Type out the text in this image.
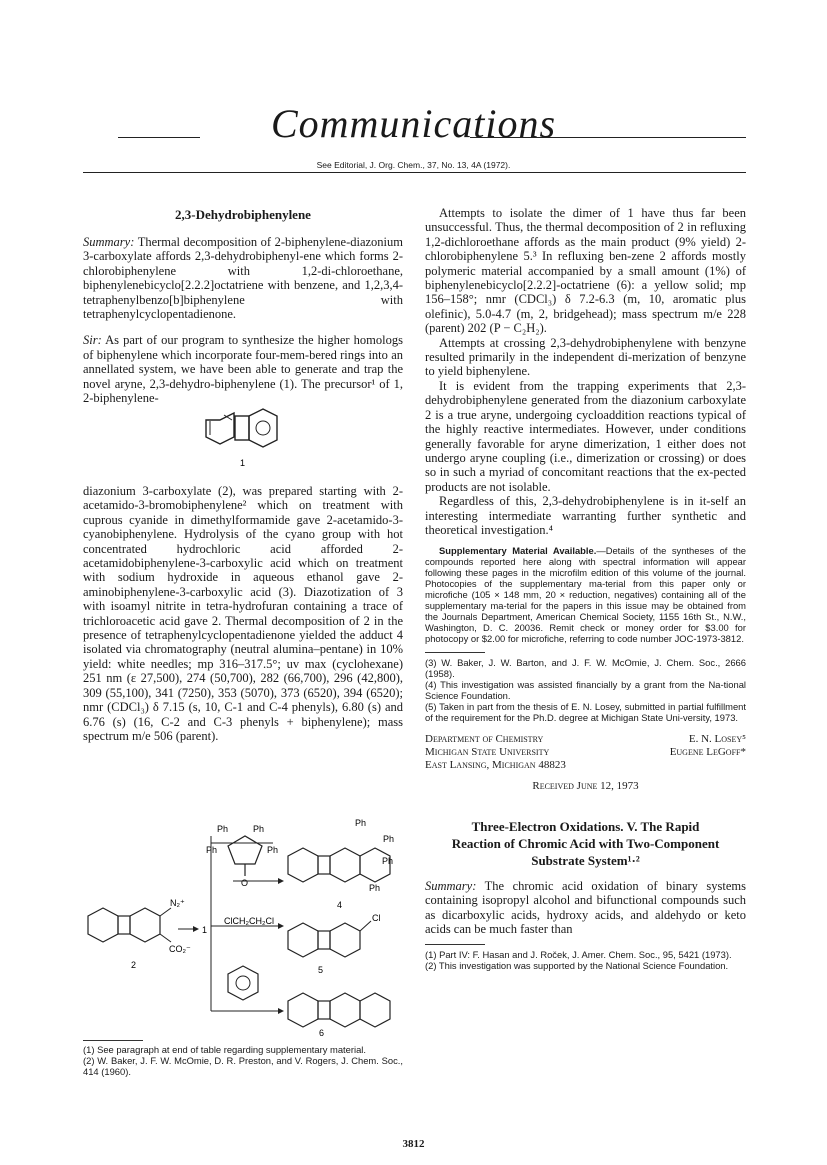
Communications
See Editorial, J. Org. Chem., 37, No. 13, 4A (1972).
2,3-Dehydrobiphenylene

Summary: Thermal decomposition of 2-biphenylene-diazonium 3-carboxylate affords 2,3-dehydrobiphenyl-ene which forms 2-chlorobiphenylene with 1,2-di-chloroethane, biphenylenebicyclo[2.2.2]octatriene with benzene, and 1,2,3,4-tetraphenylbenzo[b]biphenylene with tetraphenylcyclopentadienone.

Sir: As part of our program to synthesize the higher homologs of biphenylene which incorporate four-mem-bered rings into an annellated system, we have been able to generate and trap the novel aryne, 2,3-dehydro-biphenylene (1). The precursor¹ of 1, 2-biphenylene-

1

diazonium 3-carboxylate (2), was prepared starting with 2-acetamido-3-bromobiphenylene² which on treatment with cuprous cyanide in dimethylformamide gave 2-acetamido-3-cyanobiphenylene. Hydrolysis of the cyano group with hot concentrated hydrochloric acid afforded 2-acetamidobiphenylene-3-carboxylic acid which on treatment with sodium hydroxide in aqueous ethanol gave 2-aminobiphenylene-3-carboxylic acid (3). Diazotization of 3 with isoamyl nitrite in tetra-hydrofuran containing a trace of trichloroacetic acid gave 2. Thermal decomposition of 2 in the presence of tetraphenylcyclopentadienone yielded the adduct 4 isolated via chromatography (neutral alumina–pentane) in 10% yield: white needles; mp 316–317.5°; uv max (cyclohexane) 251 nm (ε 27,500), 274 (50,700), 282 (66,700), 296 (42,800), 309 (55,100), 341 (7250), 353 (5070), 373 (6520), 394 (6520); nmr (CDCl₃) δ 7.15 (s, 10, C-1 and C-4 phenyls), 6.80 (s) and 6.76 (s) (16, C-2 and C-3 phenyls + biphenylene); mass spectrum m/e 506 (parent).

Ph	Ph
Ph	Ph
O
ClCH₂CH₂Cl
N₂⁺
CO₂⁻
2
1
Ph
Ph
Ph
Ph
4
Cl
5
6

(1) See paragraph at end of table regarding supplementary material.

(2) W. Baker, J. F. W. McOmie, D. R. Preston, and V. Rogers, J. Chem. Soc., 414 (1960).

Attempts to isolate the dimer of 1 have thus far been unsuccessful. Thus, the thermal decomposition of 2 in refluxing 1,2-dichloroethane affords as the main product (9% yield) 2-chlorobiphenylene 5.³ In refluxing ben-zene 2 affords mostly polymeric material accompanied by a small amount (1%) of biphenylenebicyclo[2.2.2]-octatriene (6): a yellow solid; mp 156–158°; nmr (CDCl₃) δ 7.2-6.3 (m, 10, aromatic plus olefinic), 5.0-4.7 (m, 2, bridgehead); mass spectrum m/e 228 (parent) 202 (P − C₂H₂).

Attempts at crossing 2,3-dehydrobiphenylene with benzyne resulted primarily in the independent di-merization of benzyne to yield biphenylene.

It is evident from the trapping experiments that 2,3-dehydrobiphenylene generated from the diazonium carboxylate 2 is a true aryne, undergoing cycloaddition reactions typical of the highly reactive intermediates. However, under conditions generally favorable for aryne dimerization, 1 either does not undergo aryne coupling (i.e., dimerization or crossing) or does so in such a myriad of concomitant reactions that the ex-pected products are not isolable.

Regardless of this, 2,3-dehydrobiphenylene is in it-self an interesting intermediate warranting further synthetic and theoretical investigation.⁴

Supplementary Material Available.—Details of the syntheses of the compounds reported here along with spectral information will appear following these pages in the microfilm edition of this volume of the journal. Photocopies of the supplementary ma-terial from this paper only or microfiche (105 × 148 mm, 20 × reduction, negatives) containing all of the supplementary ma-terial for the papers in this issue may be obtained from the Journals Department, American Chemical Society, 1155 16th St., N.W., Washington, D. C. 20036. Remit check or money order for $3.00 for photocopy or $2.00 for microfiche, referring to code number JOC-1973-3812.

(3) W. Baker, J. W. Barton, and J. F. W. McOmie, J. Chem. Soc., 2666 (1958).

(4) This investigation was assisted financially by a grant from the Na-tional Science Foundation.

(5) Taken in part from the thesis of E. N. Losey, submitted in partial fulfillment of the requirement for the Ph.D. degree at Michigan State Uni-versity, 1973.

Department of Chemistry
Michigan State University
East Lansing, Michigan 48823
E. N. Losey⁵
Eugene LeGoff*
Received June 12, 1973
Three-Electron Oxidations. V. The Rapid
Reaction of Chromic Acid with Two-Component
Substrate System¹·²

Summary: The chromic acid oxidation of binary systems containing isopropyl alcohol and bifunctional compounds such as dicarboxylic acids, hydroxy acids, and aldehydo or keto acids can be much faster than

(1) Part IV: F. Hasan and J. Roček, J. Amer. Chem. Soc., 95, 5421 (1973).

(2) This investigation was supported by the National Science Foundation.

3812
